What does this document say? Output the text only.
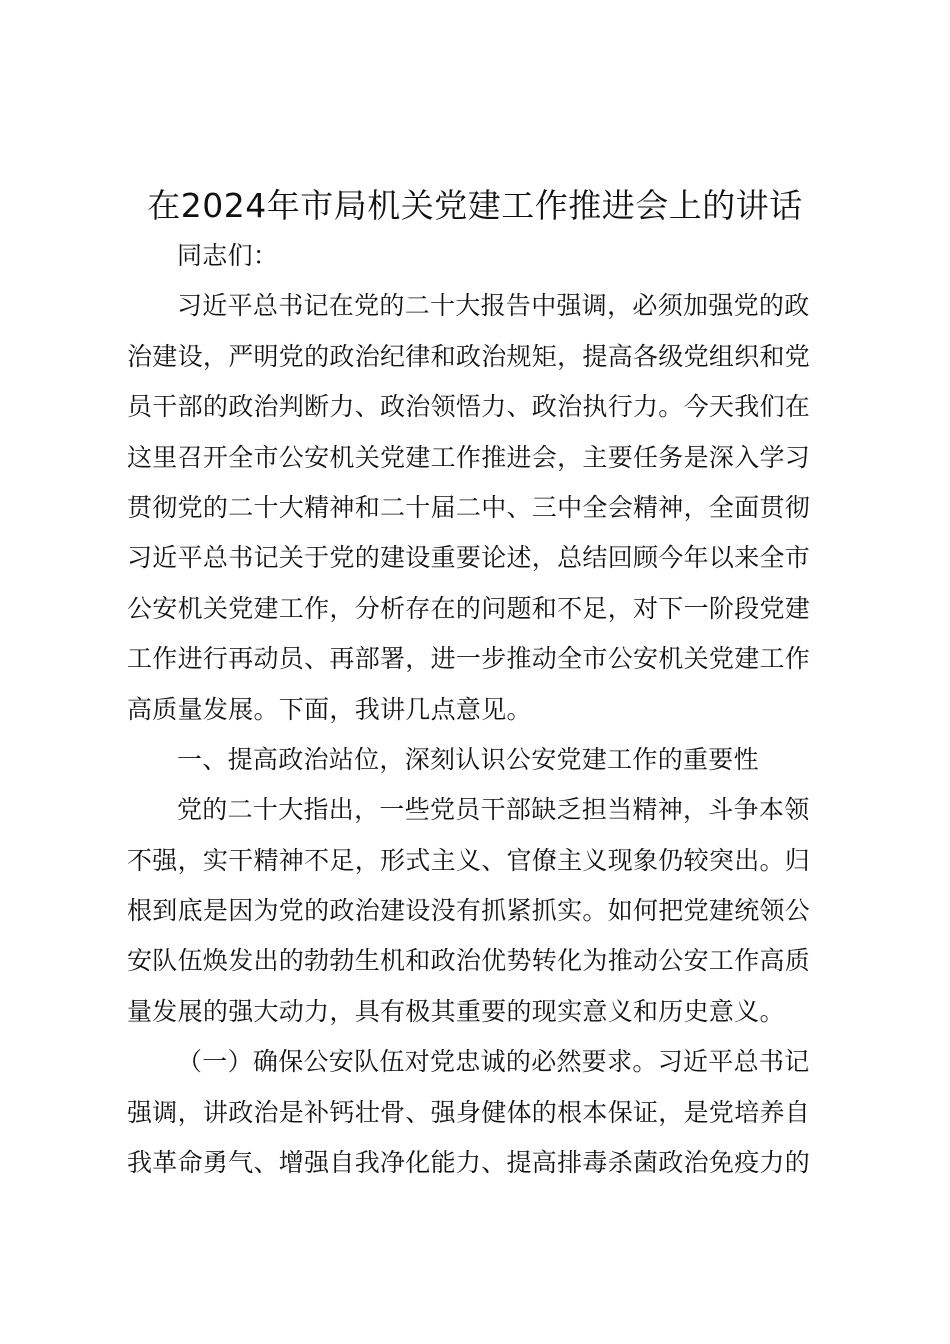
在2024年市局机关党建工作推进会上的讲话
同志们：
习近平总书记在党的二十大报告中强调，必须加强党的政
治建设，严明党的政治纪律和政治规矩，提高各级党组织和党
员干部的政治判断力、政治领悟力、政治执行力。今天我们在
这里召开全市公安机关党建工作推进会，主要任务是深入学习
贯彻党的二十大精神和二十届二中、三中全会精神，全面贯彻
习近平总书记关于党的建设重要论述，总结回顾今年以来全市
公安机关党建工作，分析存在的问题和不足，对下一阶段党建
工作进行再动员、再部署，进一步推动全市公安机关党建工作
高质量发展。下面，我讲几点意见。
一、提高政治站位，深刻认识公安党建工作的重要性
党的二十大指出，一些党员干部缺乏担当精神，斗争本领
不强，实干精神不足，形式主义、官僚主义现象仍较突出。归
根到底是因为党的政治建设没有抓紧抓实。如何把党建统领公
安队伍焕发出的勃勃生机和政治优势转化为推动公安工作高质
量发展的强大动力，具有极其重要的现实意义和历史意义。
（一）确保公安队伍对党忠诚的必然要求。习近平总书记
强调，讲政治是补钙壮骨、强身健体的根本保证，是党培养自
我革命勇气、增强自我净化能力、提高排毒杀菌政治免疫力的
